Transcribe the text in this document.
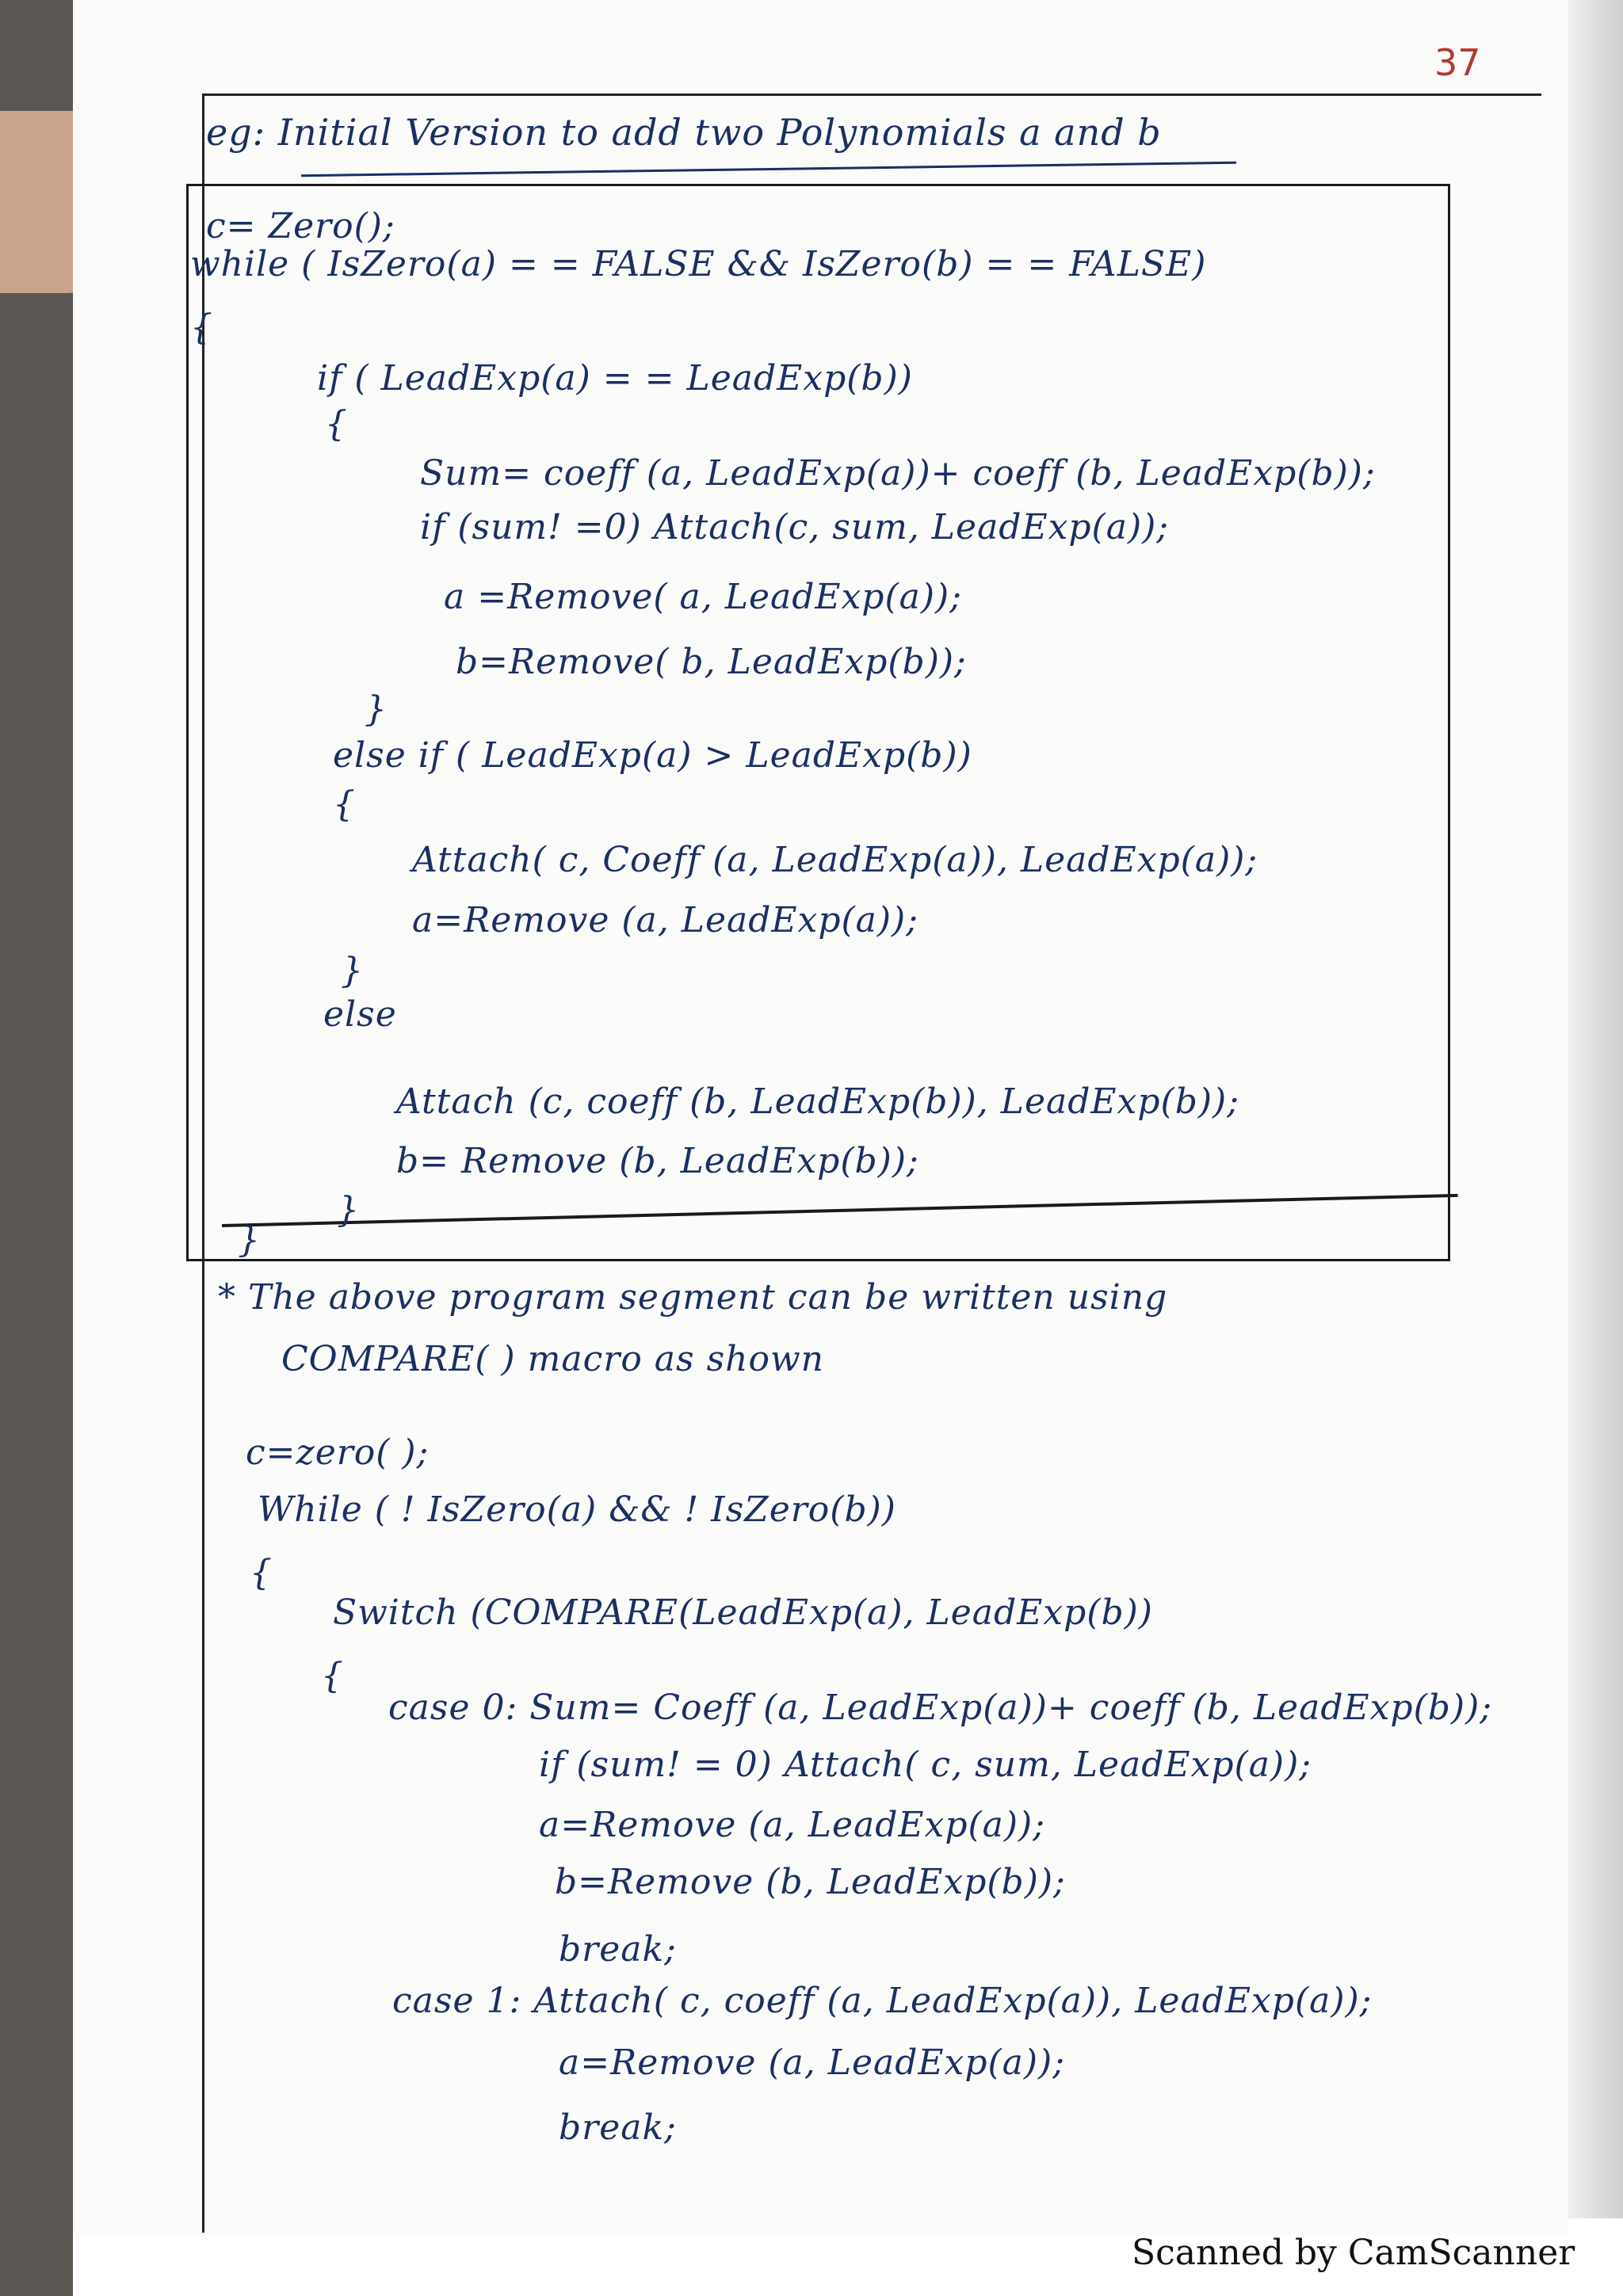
37
eg: Initial Version to add two Polynomials a and b
c= Zero();
while ( IsZero(a) = = FALSE && IsZero(b) = = FALSE)
{
if ( LeadExp(a) = = LeadExp(b))
{
Sum= coeff (a, LeadExp(a))+ coeff (b, LeadExp(b));
if (sum! =0) Attach(c, sum, LeadExp(a));
a =Remove( a, LeadExp(a));
b=Remove( b, LeadExp(b));
}
else if ( LeadExp(a) > LeadExp(b))
{
Attach( c, Coeff (a, LeadExp(a)), LeadExp(a));
a=Remove (a, LeadExp(a));
}
else
Attach (c, coeff (b, LeadExp(b)), LeadExp(b));
b= Remove (b, LeadExp(b));
}
}
* The above program segment can be written using
COMPARE( ) macro as shown
c=zero( );
While ( ! IsZero(a) && ! IsZero(b))
{
Switch (COMPARE(LeadExp(a), LeadExp(b))
{
case 0: Sum= Coeff (a, LeadExp(a))+ coeff (b, LeadExp(b));
if (sum! = 0) Attach( c, sum, LeadExp(a));
a=Remove (a, LeadExp(a));
b=Remove (b, LeadExp(b));
break;
case 1: Attach( c, coeff (a, LeadExp(a)), LeadExp(a));
a=Remove (a, LeadExp(a));
break;
Scanned by CamScanner
